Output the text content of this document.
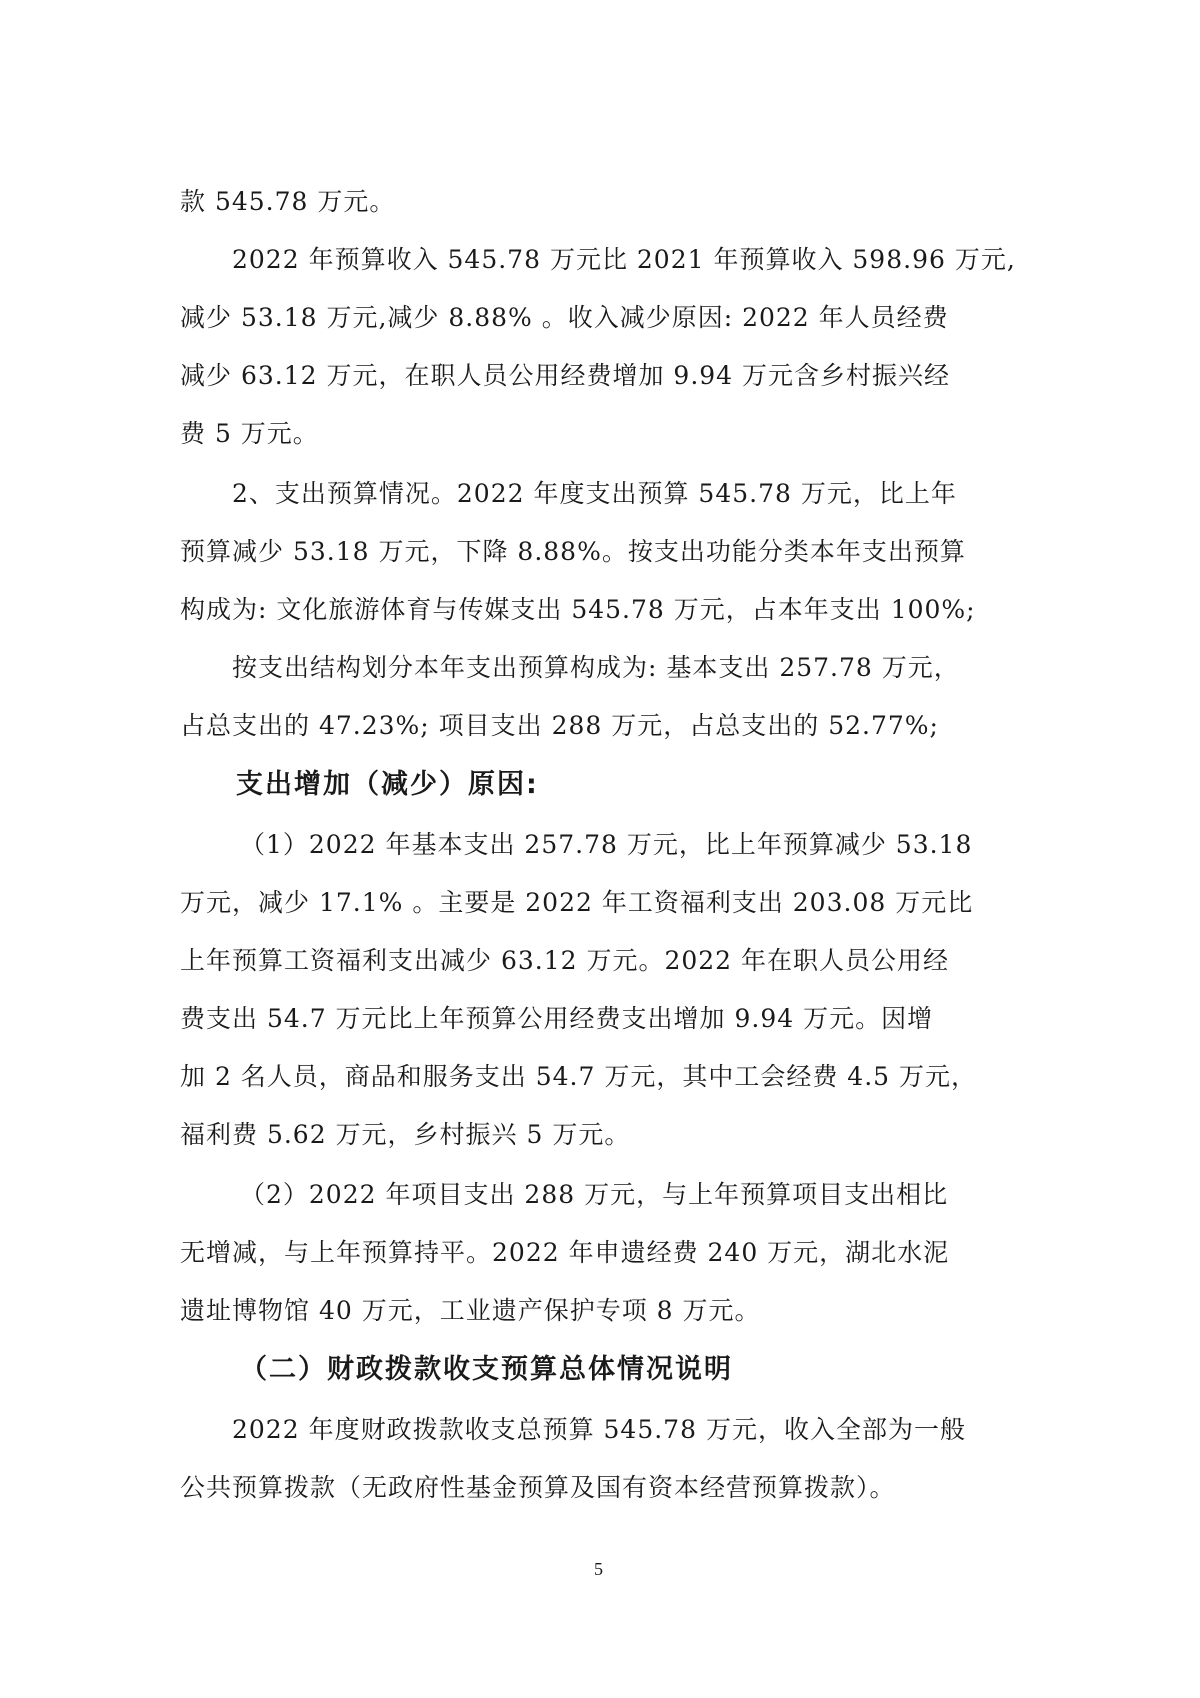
款 545.78 万元。
2022 年预算收入 545.78 万元比 2021 年预算收入 598.96 万元,
减少 53.18 万元,减少 8.88% 。收入减少原因: 2022 年人员经费
减少 63.12 万元，在职人员公用经费增加 9.94 万元含乡村振兴经
费 5 万元。
2、支出预算情况。2022 年度支出预算 545.78 万元，比上年
预算减少 53.18 万元，下降 8.88%。按支出功能分类本年支出预算
构成为: 文化旅游体育与传媒支出 545.78 万元，占本年支出 100%;
按支出结构划分本年支出预算构成为: 基本支出 257.78 万元，
占总支出的 47.23%; 项目支出 288 万元，占总支出的 52.77%;
支出增加（减少）原因:
（1）2022 年基本支出 257.78 万元，比上年预算减少 53.18
万元，减少 17.1% 。主要是 2022 年工资福利支出 203.08 万元比
上年预算工资福利支出减少 63.12 万元。2022 年在职人员公用经
费支出 54.7 万元比上年预算公用经费支出增加 9.94 万元。因增
加 2 名人员，商品和服务支出 54.7 万元，其中工会经费 4.5 万元，
福利费 5.62 万元，乡村振兴 5 万元。
（2）2022 年项目支出 288 万元，与上年预算项目支出相比
无增减，与上年预算持平。2022 年申遗经费 240 万元，湖北水泥
遗址博物馆 40 万元，工业遗产保护专项 8 万元。
（二）财政拨款收支预算总体情况说明
2022 年度财政拨款收支总预算 545.78 万元，收入全部为一般
公共预算拨款（无政府性基金预算及国有资本经营预算拨款）。
5
